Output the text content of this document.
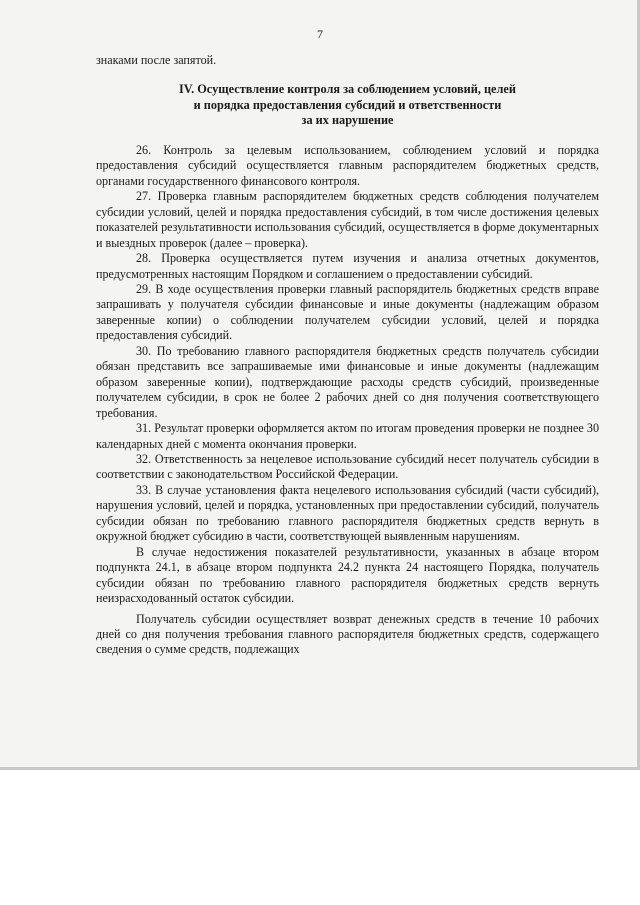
7

знаками после запятой.

IV. Осуществление контроля за соблюдением условий, целей
и порядка предоставления субсидий и ответственности
за их нарушение

26. Контроль за целевым использованием, соблюдением условий и порядка предоставления субсидий осуществляется главным распорядителем бюджетных средств, органами государственного финансового контроля.

27. Проверка главным распорядителем бюджетных средств соблюдения получателем субсидии условий, целей и порядка предоставления субсидий, в том числе достижения целевых показателей результативности использования субсидий, осуществляется в форме документарных и выездных проверок (далее – проверка).

28. Проверка осуществляется путем изучения и анализа отчетных документов, предусмотренных настоящим Порядком и соглашением о предоставлении субсидий.

29. В ходе осуществления проверки главный распорядитель бюджетных средств вправе запрашивать у получателя субсидии финансовые и иные документы (надлежащим образом заверенные копии) о соблюдении получателем субсидии условий, целей и порядка предоставления субсидий.

30. По требованию главного распорядителя бюджетных средств получатель субсидии обязан представить все запрашиваемые ими финансовые и иные документы (надлежащим образом заверенные копии), подтверждающие расходы средств субсидий, произведенные получателем субсидии, в срок не более 2 рабочих дней со дня получения соответствующего требования.

31. Результат проверки оформляется актом по итогам проведения проверки не позднее 30 календарных дней с момента окончания проверки.

32. Ответственность за нецелевое использование субсидий несет получатель субсидии в соответствии с законодательством Российской Федерации.

33. В случае установления факта нецелевого использования субсидий (части субсидий), нарушения условий, целей и порядка, установленных при предоставлении субсидий, получатель субсидии обязан по требованию главного распорядителя бюджетных средств вернуть в окружной бюджет субсидию в части, соответствующей выявленным нарушениям.

В случае недостижения показателей результативности, указанных в абзаце втором подпункта 24.1, в абзаце втором подпункта 24.2 пункта 24 настоящего Порядка, получатель субсидии обязан по требованию главного распорядителя бюджетных средств вернуть неизрасходованный остаток субсидии.

Получатель субсидии осуществляет возврат денежных средств в течение 10 рабочих дней со дня получения требования главного распорядителя бюджетных средств, содержащего сведения о сумме средств, подлежащих
